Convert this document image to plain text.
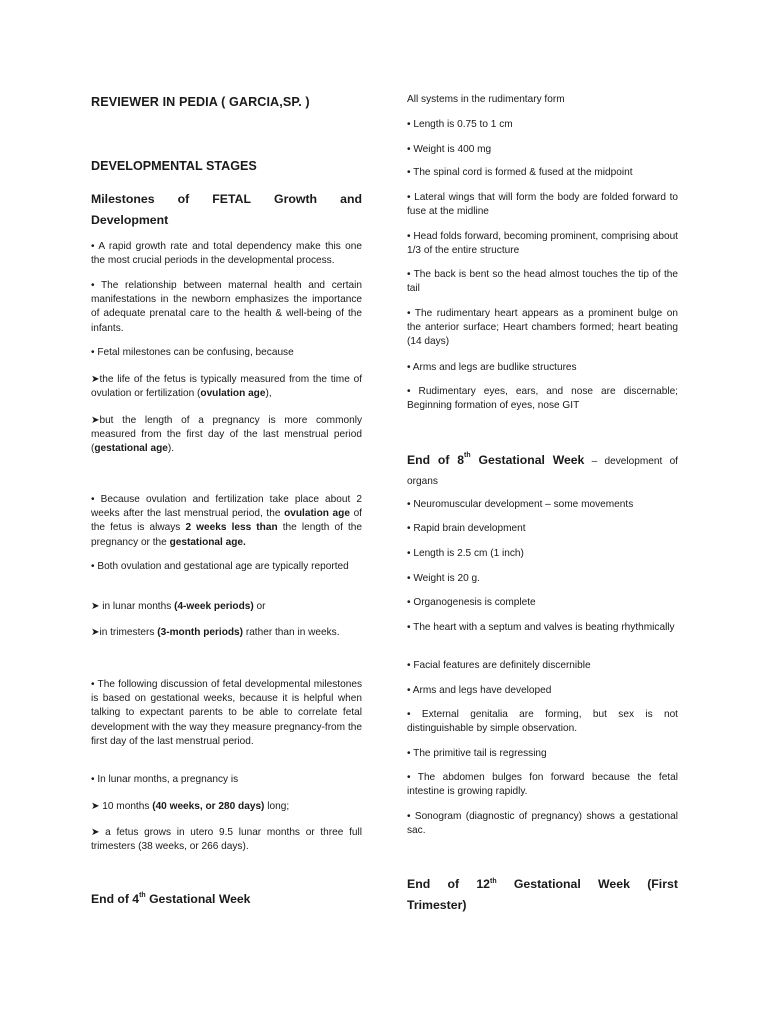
REVIEWER IN PEDIA ( GARCIA,SP. )
DEVELOPMENTAL STAGES
Milestones of FETAL Growth and
Development

• A rapid growth rate and total dependency make this one the most crucial periods in the developmental process.

• The relationship between maternal health and certain manifestations in the newborn emphasizes the importance of adequate prenatal care to the health & well-being of the infants.

• Fetal milestones can be confusing, because

➤the life of the fetus is typically measured from the time of ovulation or fertilization (ovulation age),

➤but the length of a pregnancy is more commonly measured from the first day of the last menstrual period (gestational age).

• Because ovulation and fertilization take place about 2 weeks after the last menstrual period, the ovulation age of the fetus is always 2 weeks less than the length of the pregnancy or the gestational age.

• Both ovulation and gestational age are typically reported

➤ in lunar months (4-week periods) or

➤in trimesters (3-month periods) rather than in weeks.

• The following discussion of fetal developmental milestones is based on gestational weeks, because it is helpful when talking to expectant parents to be able to correlate fetal development with the way they measure pregnancy-from the first day of the last menstrual period.

• In lunar months, a pregnancy is

➤ 10 months (40 weeks, or 280 days) long;

➤ a fetus grows in utero 9.5 lunar months or three full trimesters (38 weeks, or 266 days).

End of 4th Gestational Week

All systems in the rudimentary form

• Length is 0.75 to 1 cm

• Weight is 400 mg

• The spinal cord is formed & fused at the midpoint

• Lateral wings that will form the body are folded forward to fuse at the midline

• Head folds forward, becoming prominent, comprising about 1/3 of the entire structure

• The back is bent so the head almost touches the tip of the tail

• The rudimentary heart appears as a prominent bulge on the anterior surface; Heart chambers formed; heart beating (14 days)

• Arms and legs are budlike structures

• Rudimentary eyes, ears, and nose are discernable; Beginning formation of eyes, nose GIT

End of 8th Gestational Week – development of organs

• Neuromuscular development – some movements

• Rapid brain development

• Length is 2.5 cm (1 inch)

• Weight is 20 g.

• Organogenesis is complete

• The heart with a septum and valves is beating rhythmically

• Facial features are definitely discernible

• Arms and legs have developed

• External genitalia are forming, but sex is not distinguishable by simple observation.

• The primitive tail is regressing

• The abdomen bulges fon forward because the fetal intestine is growing rapidly.

• Sonogram (diagnostic of pregnancy) shows a gestational sac.

End of 12th Gestational Week (First
Trimester)
